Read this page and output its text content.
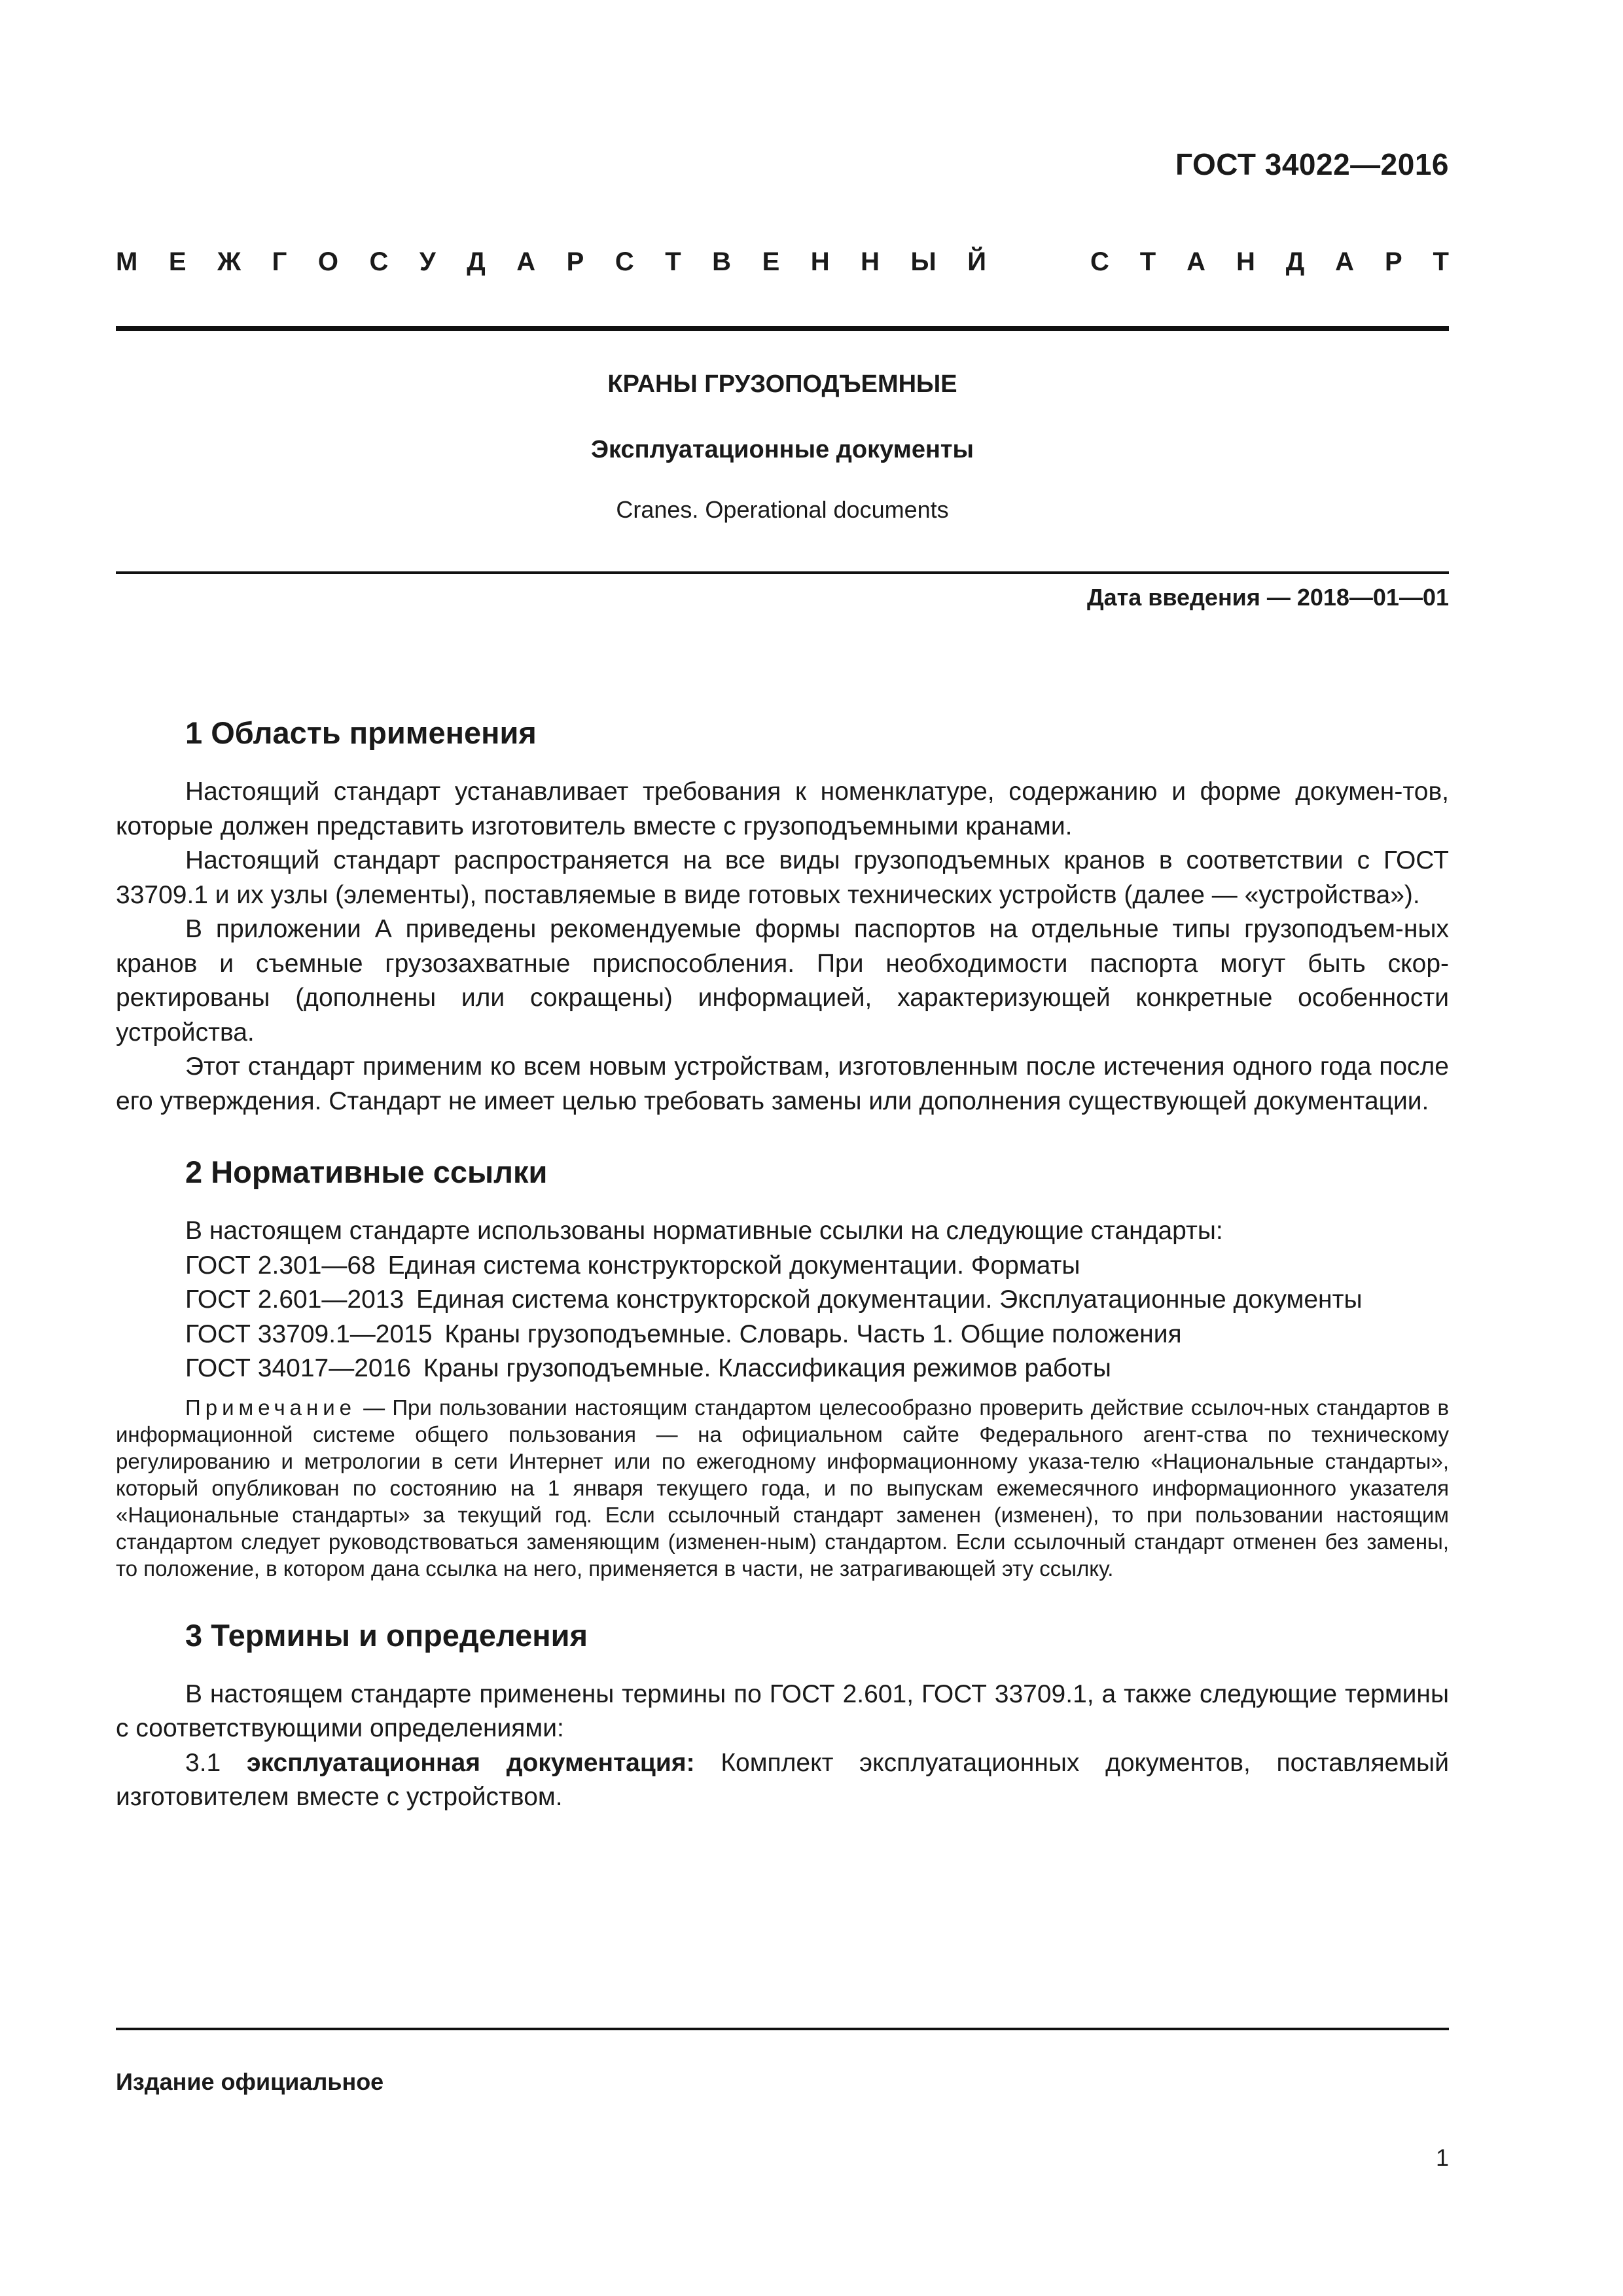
ГОСТ 34022—2016
М Е Ж Г О С У Д А Р С Т В Е Н Н Ы Й	С Т А Н Д А Р Т
КРАНЫ ГРУЗОПОДЪЕМНЫЕ
Эксплуатационные документы
Cranes. Operational documents
Дата введения — 2018—01—01
1 Область применения

Настоящий стандарт устанавливает требования к номенклатуре, содержанию и форме докумен-тов, которые должен представить изготовитель вместе с грузоподъемными кранами.

Настоящий стандарт распространяется на все виды грузоподъемных кранов в соответствии с ГОСТ 33709.1 и их узлы (элементы), поставляемые в виде готовых технических устройств (далее — «устройства»).

В приложении А приведены рекомендуемые формы паспортов на отдельные типы грузоподъем-ных кранов и съемные грузозахватные приспособления. При необходимости паспорта могут быть скор-ректированы (дополнены или сокращены) информацией, характеризующей конкретные особенности устройства.

Этот стандарт применим ко всем новым устройствам, изготовленным после истечения одного года после его утверждения. Стандарт не имеет целью требовать замены или дополнения существующей документации.

2 Нормативные ссылки
В настоящем стандарте использованы нормативные ссылки на следующие стандарты:
ГОСТ 2.301—68 Единая система конструкторской документации. Форматы
ГОСТ 2.601—2013 Единая система конструкторской документации. Эксплуатационные документы
ГОСТ 33709.1—2015 Краны грузоподъемные. Словарь. Часть 1. Общие положения
ГОСТ 34017—2016 Краны грузоподъемные. Классификация режимов работы

Примечание — При пользовании настоящим стандартом целесообразно проверить действие ссылоч-ных стандартов в информационной системе общего пользования — на официальном сайте Федерального агент-ства по техническому регулированию и метрологии в сети Интернет или по ежегодному информационному указа-телю «Национальные стандарты», который опубликован по состоянию на 1 января текущего года, и по выпускам ежемесячного информационного указателя «Национальные стандарты» за текущий год. Если ссылочный стандарт заменен (изменен), то при пользовании настоящим стандартом следует руководствоваться заменяющим (изменен-ным) стандартом. Если ссылочный стандарт отменен без замены, то положение, в котором дана ссылка на него, применяется в части, не затрагивающей эту ссылку.

3 Термины и определения

В настоящем стандарте применены термины по ГОСТ 2.601, ГОСТ 33709.1, а также следующие термины с соответствующими определениями:

3.1 эксплуатационная документация: Комплект эксплуатационных документов, поставляемый изготовителем вместе с устройством.

Издание официальное
1
